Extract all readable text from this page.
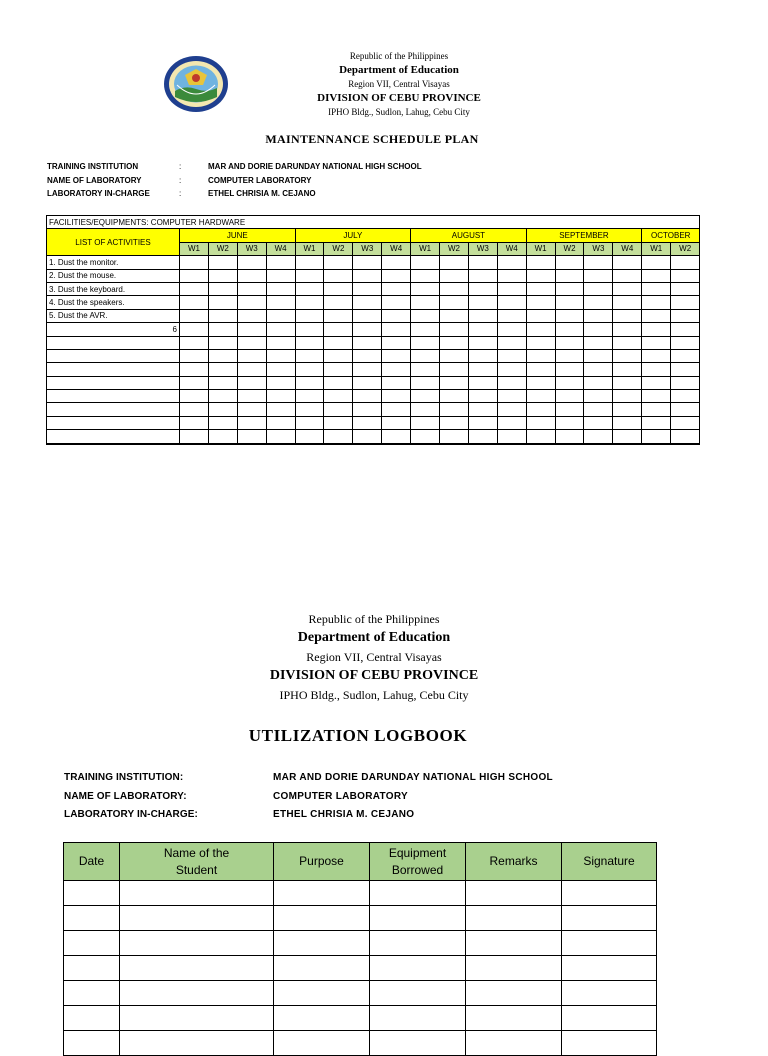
Republic of the Philippines
Department of Education
Region VII, Central Visayas
DIVISION OF CEBU PROVINCE
IPHO Bldg., Sudlon, Lahug, Cebu City
MAINTENNANCE SCHEDULE PLAN
TRAINING INSTITUTION	:	MAR AND DORIE DARUNDAY NATIONAL HIGH SCHOOL
NAME OF LABORATORY	:	COMPUTER LABORATORY
LABORATORY IN-CHARGE	:	ETHEL CHRISIA M. CEJANO
FACILITIES/EQUIPMENTS: COMPUTER HARDWARE																		
LIST OF ACTIVITIES	JUNE				JULY				AUGUST				SEPTEMBER				OCTOBER	
	W1	W2	W3	W4	W1	W2	W3	W4	W1	W2	W3	W4	W1	W2	W3	W4	W1	W2
1. Dust the monitor.																		
2. Dust the mouse.																		
3. Dust the keyboard.																		
4. Dust the speakers.																		
5. Dust the AVR.																		
6																		

Republic of the Philippines
Department of Education
Region VII, Central Visayas
DIVISION OF CEBU PROVINCE
IPHO Bldg., Sudlon, Lahug, Cebu City
UTILIZATION LOGBOOK
TRAINING INSTITUTION:	MAR AND DORIE DARUNDAY NATIONAL HIGH SCHOOL
NAME OF LABORATORY:	COMPUTER LABORATORY
LABORATORY IN-CHARGE:	ETHEL CHRISIA M. CEJANO
Date	Name of the Student	Purpose	Equipment Borrowed	Remarks	Signature
